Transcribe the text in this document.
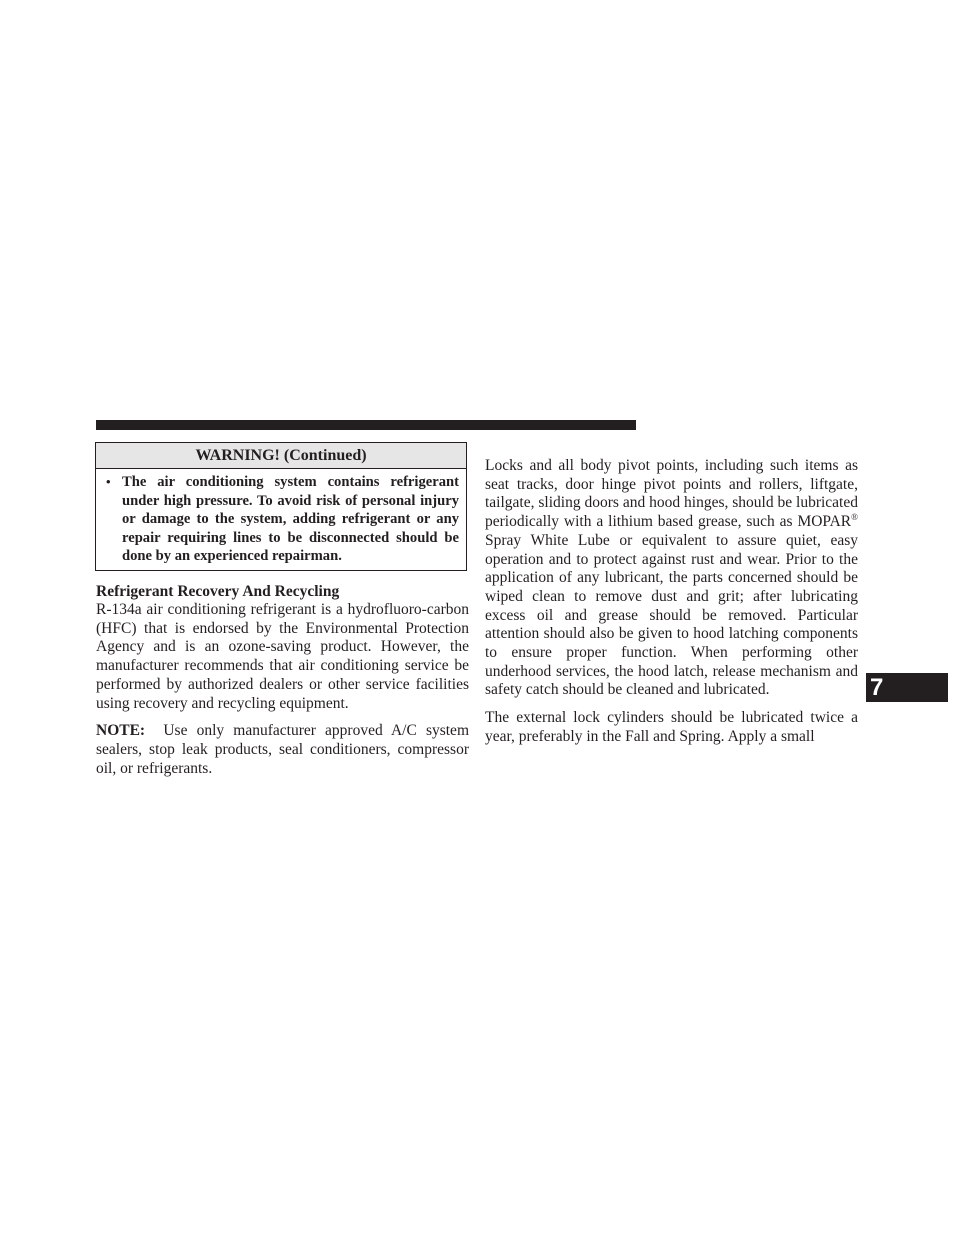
WARNING! (Continued)
• The air conditioning system contains refrigerant under high pressure. To avoid risk of personal injury or damage to the system, adding refrigerant or any repair requiring lines to be disconnected should be done by an experienced repairman.
Refrigerant Recovery And Recycling

R-134a air conditioning refrigerant is a hydrofluoro-carbon (HFC) that is endorsed by the Environmental Protection Agency and is an ozone-saving product. However, the manufacturer recommends that air conditioning service be performed by authorized dealers or other service facilities using recovery and recycling equipment.

NOTE: Use only manufacturer approved A/C system sealers, stop leak products, seal conditioners, compressor oil, or refrigerants.

Locks and all body pivot points, including such items as seat tracks, door hinge pivot points and rollers, liftgate, tailgate, sliding doors and hood hinges, should be lubricated periodically with a lithium based grease, such as MOPAR® Spray White Lube or equivalent to assure quiet, easy operation and to protect against rust and wear. Prior to the application of any lubricant, the parts concerned should be wiped clean to remove dust and grit; after lubricating excess oil and grease should be removed. Particular attention should also be given to hood latching components to ensure proper function. When performing other underhood services, the hood latch, release mechanism and safety catch should be cleaned and lubricated.

The external lock cylinders should be lubricated twice a year, preferably in the Fall and Spring. Apply a small

7
